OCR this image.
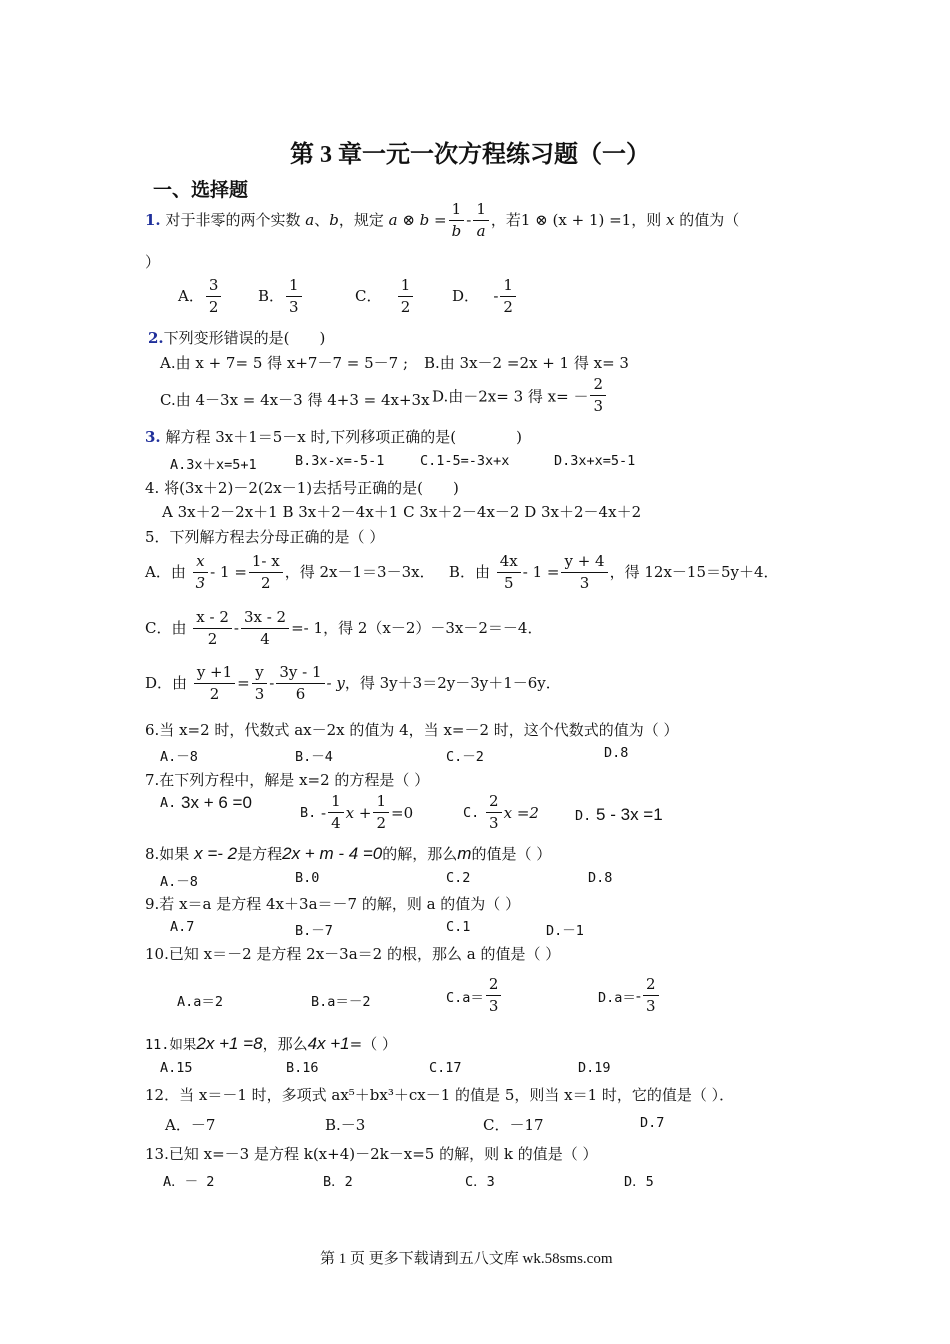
第 3 章一元一次方程练习题（一）
一、选择题
1. 对于非零的两个实数 a、b，规定 a ⊗ $b = \frac{1}{b} - \frac{1}{a}$ ，若1 ⊗ (x + 1) =1，则 x 的值为（
）
A． $\frac{3}{2}$ B． $\frac{1}{3}$	C． $\frac{1}{2}$	D． - $\frac{1}{2}$
2.下列变形错误的是(　　)
A.由 x + 7= 5 得 x+7－7 = 5－7 ; B.由 3x－2 =2x + 1 得 x= 3
C.由 4－3x = 4x－3 得 4+3 = 4x+3x D.由－2x= 3 得 $x= - \frac{2}{3}$
3. 解方程 3x＋1＝5－x 时,下列移项正确的是(　　　　)
A.3x＋x=5+1	B.3x-x=-5-1	C.1-5=-3x+x	D.3x+x=5-1
4. 将(3x＋2)－2(2x－1)去括号正确的是(　　)
A 3x＋2－2x＋1 B 3x＋2－4x＋1 C 3x＋2－4x－2 D 3x＋2－4x＋2
5．下列解方程去分母正确的是（ ）
A．由 $\frac{x}{3} - 1 = \frac{1- x}{2}$ ，得 2x－1＝3－3x． B．由 $\frac{4x}{5} - 1 = \frac{y + 4}{3}$ ，得 12x－15＝5y＋4．
C．由 $\frac{x - 2}{2} - \frac{3x - 2}{4} =- 1$，得 2（x－2）－3x－2＝－4．
D．由 $\frac{y +1}{2} = \frac{y}{3} - \frac{3y - 1}{6} - y$，得 3y＋3＝2y－3y＋1－6y．
6.当 x=2 时，代数式 ax－2x 的值为 4，当 x=－2 时，这个代数式的值为（ ）
A.－8	B.－4	C.－2	D.8
7.在下列方程中，解是 x=2 的方程是（ ）
A. 3x + 6 =0
B. - $\frac{1}{4}$ $x + \frac{1}{2} =0$	C. $\frac{2}{3}$ x =2	D. 5 - 3x =1
8.如果 x =- 2是方程2x + m - 4 =0的解，那么m的值是（ ）
A.－8	B.0	C.2	D.8
9.若 x＝a 是方程 4x＋3a＝－7 的解，则 a 的值为（ ）
A.7	B.－7	C.1	D.－1
10.已知 x＝－2 是方程 2x－3a＝2 的根，那么 a 的值是（ ）
A.a＝2	B.a＝－2	$C.a= \frac{2}{3}$	$D.a=- \frac{2}{3}$
11.如果2x +1 =8，那么4x +1=（ ）
A.15	B.16	C.17	D.19
12．当 x＝－1 时，多项式 ax⁵＋bx³＋cx－1 的值是 5，则当 x＝1 时，它的值是（ ）．
A．－7	B.－3	C．－17	D.7
13.已知 x=－3 是方程 k(x+4)－2k－x=5 的解，则 k 的值是（ ）
A．－ 2	B．2	C．3	D．5
第 1 页 更多下载请到五八文库 wk.58sms.com
